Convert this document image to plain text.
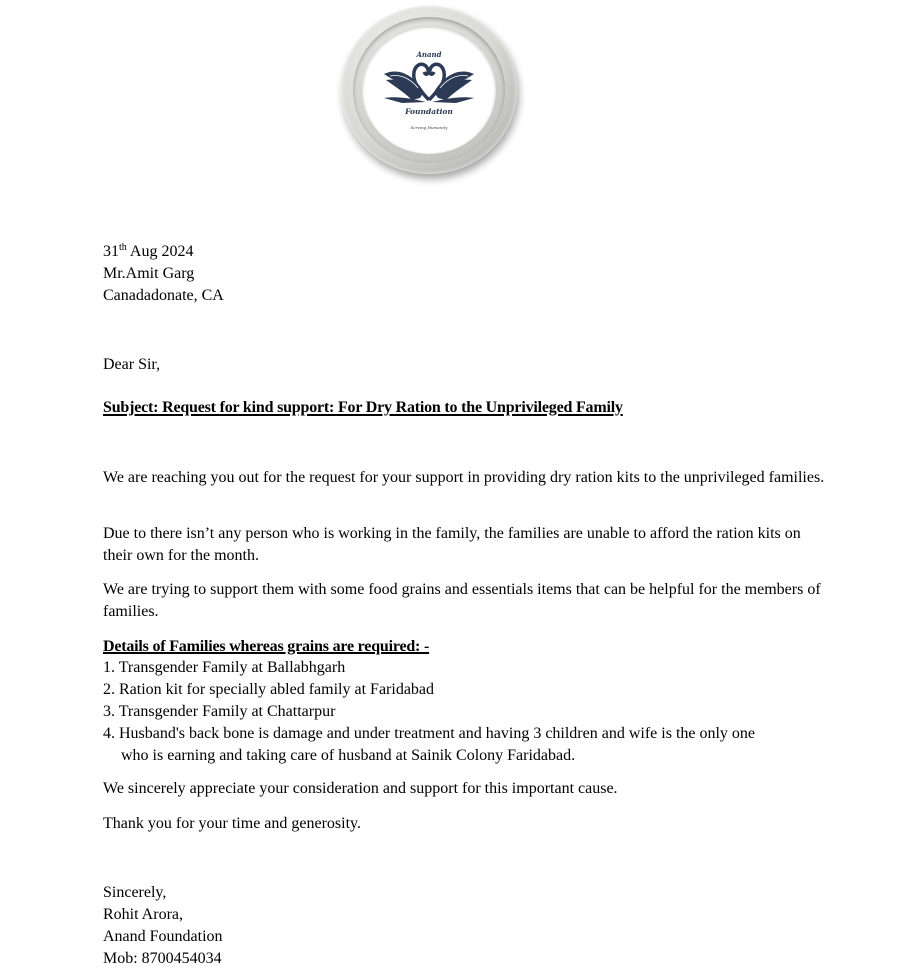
Anand
Foundation
Serving Humanity
31th Aug 2024
Mr.Amit Garg
Canadadonate, CA
Dear Sir,
Subject: Request for kind support: For Dry Ration to the Unprivileged Family
We are reaching you out for the request for your support in providing dry ration kits to the unprivileged families.
Due to there isn’t any person who is working in the family, the families are unable to afford the ration kits on their own for the month.
We are trying to support them with some food grains and essentials items that can be helpful for the members of families.
Details of Families whereas grains are required: -
1. Transgender Family at Ballabhgarh
2. Ration kit for specially abled family at Faridabad
3. Transgender Family at Chattarpur
4. Husband's back bone is damage and under treatment and having 3 children and wife is the only one
who is earning and taking care of husband at Sainik Colony Faridabad.
We sincerely appreciate your consideration and support for this important cause.
Thank you for your time and generosity.
Sincerely,
Rohit Arora,
Anand Foundation
Mob: 8700454034
